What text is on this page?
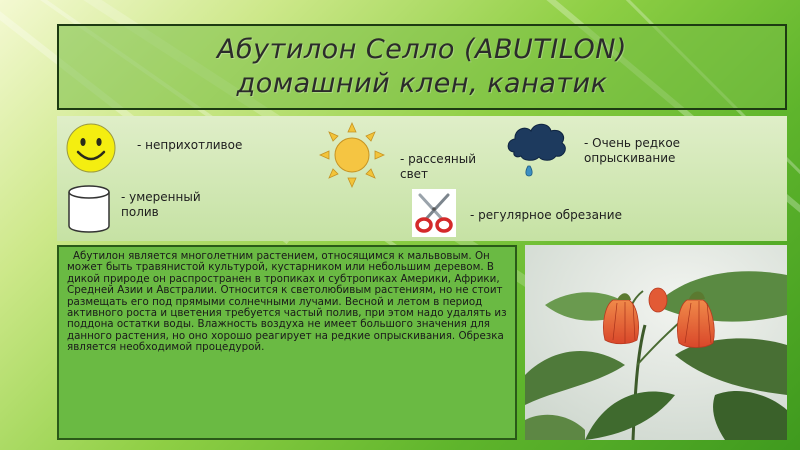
Абутилон Селло (ABUTILON)
домашний клен, канатик
- неприхотливое
- рассеяный свет
- Очень редкое опрыскивание
- умеренный полив	- регулярное обрезание

Абутилон является многолетним растением, относящимся к мальвовым. Он может быть травянистой культурой, кустарником или небольшим деревом. В дикой природе он распространен в тропиках и субтропиках Америки, Африки, Средней Азии и Австралии. Относится к светолюбивым растениям, но не стоит размещать его под прямыми солнечными лучами. Весной и летом в период активного роста и цветения требуется частый полив, при этом надо удалять из поддона остатки воды. Влажность воздуха не имеет большого значения для данного растения, но оно хорошо реагирует на редкие опрыскивания. Обрезка является необходимой процедурой.
